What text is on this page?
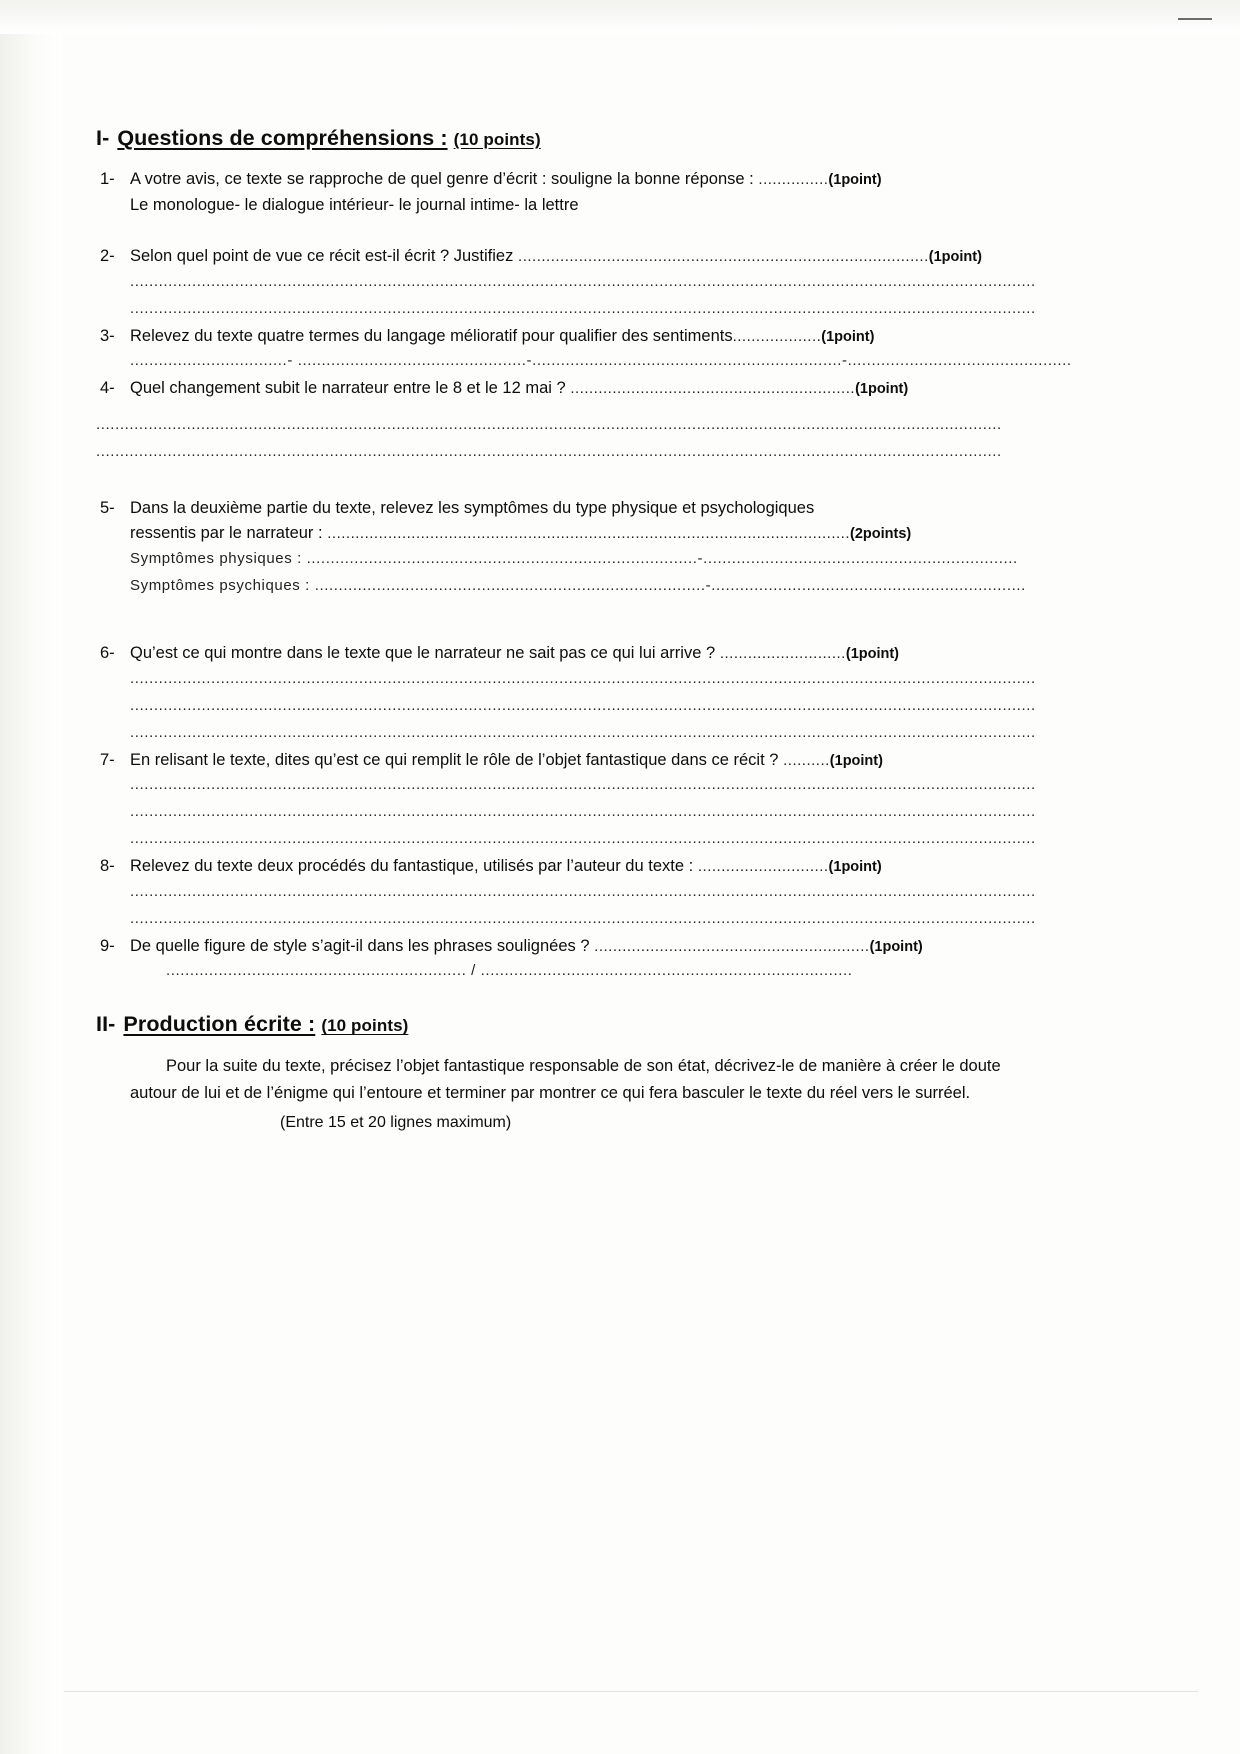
I- Questions de compréhensions : (10 points)
1- A votre avis, ce texte se rapproche de quel genre d’écrit : souligne la bonne réponse : ...............(1point)
Le monologue- le dialogue intérieur- le journal intime- la lettre
2- Selon quel point de vue ce récit est-il écrit ? Justifiez ........................................................................................(1point)
..............................................................................................................................................................................................
..............................................................................................................................................................................................
3- Relevez du texte quatre termes du langage mélioratif pour qualifier des sentiments...................(1point)
.................................- ................................................-.................................................................-...............................................
4- Quel changement subit le narrateur entre le 8 et le 12 mai ? .............................................................(1point)
..............................................................................................................................................................................................
..............................................................................................................................................................................................
5- Dans la deuxième partie du texte, relevez les symptômes du type physique et psychologiques
ressentis par le narrateur : ................................................................................................................(2points)
Symptômes physiques : ..................................................................................-..................................................................
Symptômes psychiques : ..................................................................................-..................................................................
6- Qu’est ce qui montre dans le texte que le narrateur ne sait pas ce qui lui arrive ? ...........................(1point)
..............................................................................................................................................................................................
..............................................................................................................................................................................................
..............................................................................................................................................................................................
7- En relisant le texte, dites qu’est ce qui remplit le rôle de l’objet fantastique dans ce récit ? ..........(1point)
..............................................................................................................................................................................................
..............................................................................................................................................................................................
..............................................................................................................................................................................................
8- Relevez du texte deux procédés du fantastique, utilisés par l’auteur du texte : ............................(1point)
..............................................................................................................................................................................................
..............................................................................................................................................................................................
9- De quelle figure de style s’agit-il dans les phrases soulignées ? ...........................................................(1point)
............................................................... / ..............................................................................
II- Production écrite : (10 points)
Pour la suite du texte, précisez l’objet fantastique responsable de son état, décrivez-le de manière à créer le doute autour de lui et de l’énigme qui l’entoure et terminer par montrer ce qui fera basculer le texte du réel vers le surréel.
(Entre 15 et 20 lignes maximum)
